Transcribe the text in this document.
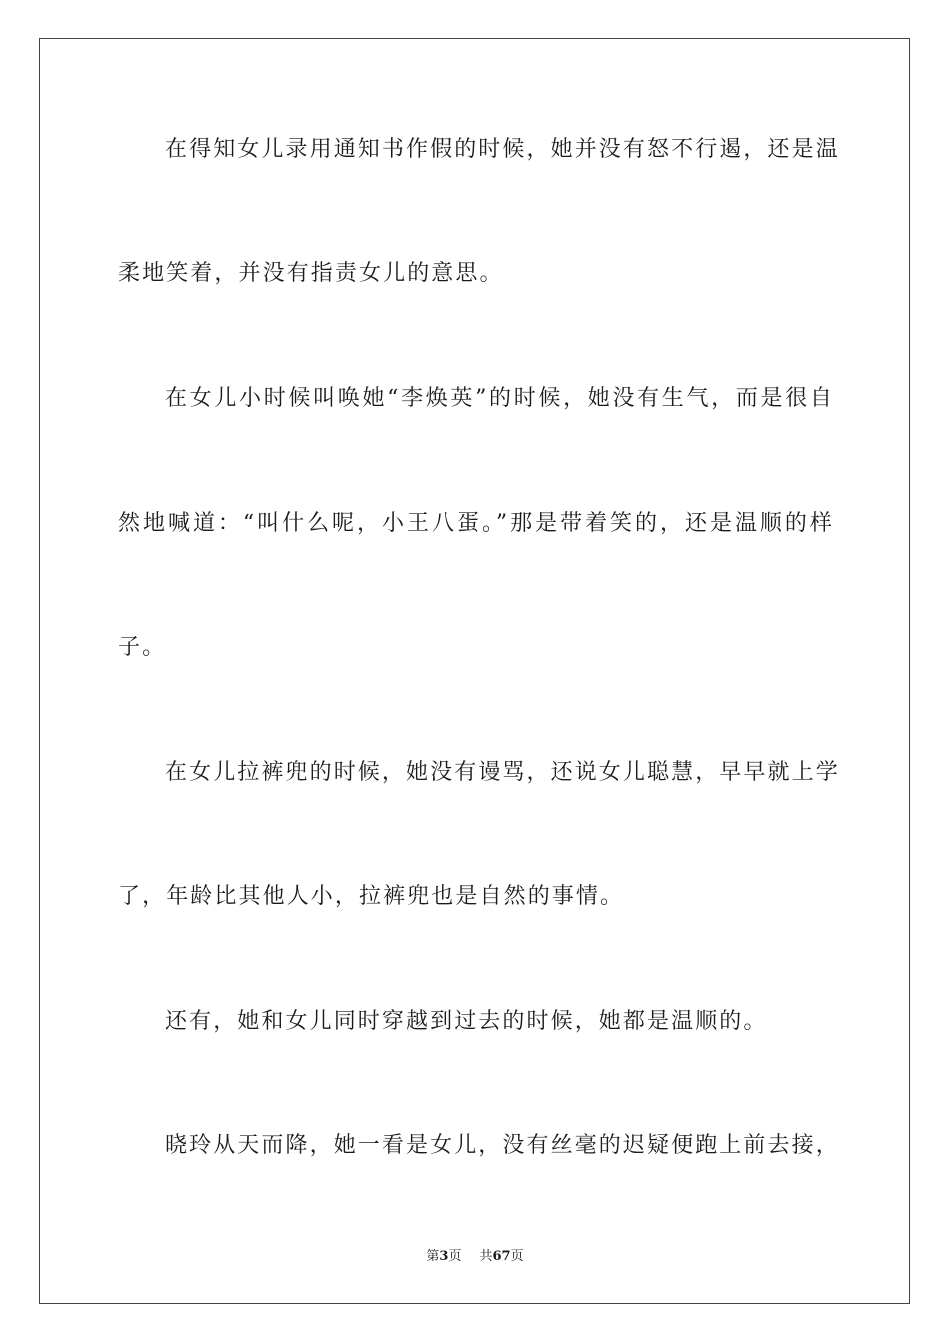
在得知女儿录用通知书作假的时候，她并没有怒不行遏，还是温
柔地笑着，并没有指责女儿的意思。
在女儿小时候叫唤她“李焕英”的时候，她没有生气，而是很自
然地喊道：“叫什么呢，小王八蛋。”那是带着笑的，还是温顺的样
子。
在女儿拉裤兜的时候，她没有谩骂，还说女儿聪慧，早早就上学
了，年龄比其他人小，拉裤兜也是自然的事情。
还有，她和女儿同时穿越到过去的时候，她都是温顺的。
晓玲从天而降，她一看是女儿，没有丝毫的迟疑便跑上前去接，
第3页 共67页
